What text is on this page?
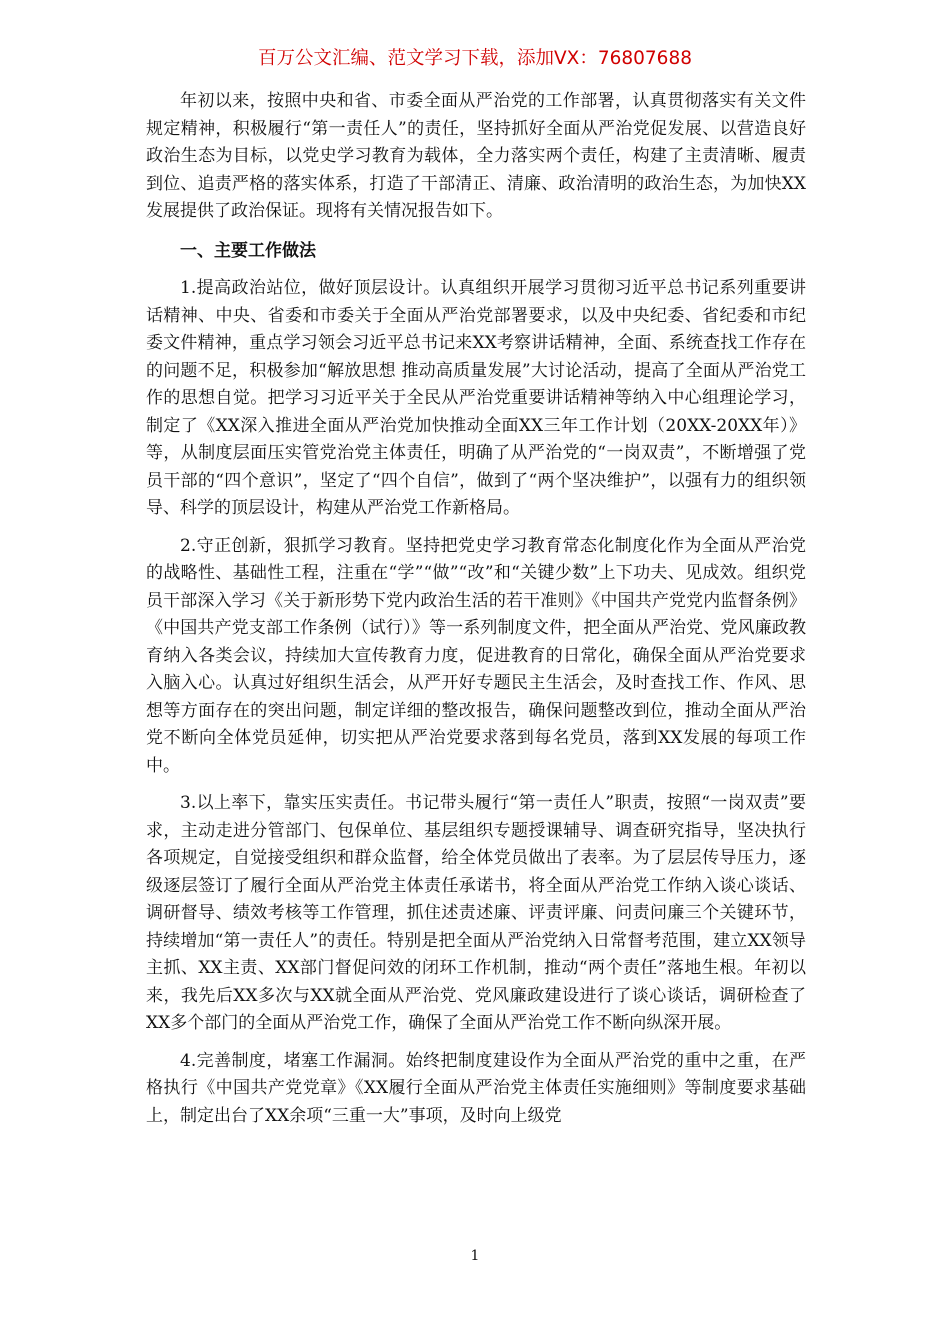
百万公文汇编、范文学习下载，添加VX：76807688

年初以来，按照中央和省、市委全面从严治党的工作部署，认真贯彻落实有关文件规定精神，积极履行“第一责任人”的责任，坚持抓好全面从严治党促发展、以营造良好政治生态为目标，以党史学习教育为载体，全力落实两个责任，构建了主责清晰、履责到位、追责严格的落实体系，打造了干部清正、清廉、政治清明的政治生态，为加快XX发展提供了政治保证。现将有关情况报告如下。

一、主要工作做法

1.提高政治站位，做好顶层设计。认真组织开展学习贯彻习近平总书记系列重要讲话精神、中央、省委和市委关于全面从严治党部署要求，以及中央纪委、省纪委和市纪委文件精神，重点学习领会习近平总书记来XX考察讲话精神，全面、系统查找工作存在的问题不足，积极参加“解放思想 推动高质量发展”大讨论活动，提高了全面从严治党工作的思想自觉。把学习习近平关于全民从严治党重要讲话精神等纳入中心组理论学习，制定了《XX深入推进全面从严治党加快推动全面XX三年工作计划（20XX-20XX年）》等，从制度层面压实管党治党主体责任，明确了从严治党的“一岗双责”，不断增强了党员干部的“四个意识”，坚定了“四个自信”，做到了“两个坚决维护”，以强有力的组织领导、科学的顶层设计，构建从严治党工作新格局。

2.守正创新，狠抓学习教育。坚持把党史学习教育常态化制度化作为全面从严治党的战略性、基础性工程，注重在“学”“做”“改”和“关键少数”上下功夫、见成效。组织党员干部深入学习《关于新形势下党内政治生活的若干准则》《中国共产党党内监督条例》《中国共产党支部工作条例（试行）》等一系列制度文件，把全面从严治党、党风廉政教育纳入各类会议，持续加大宣传教育力度，促进教育的日常化，确保全面从严治党要求入脑入心。认真过好组织生活会，从严开好专题民主生活会，及时查找工作、作风、思想等方面存在的突出问题，制定详细的整改报告，确保问题整改到位，推动全面从严治党不断向全体党员延伸，切实把从严治党要求落到每名党员，落到XX发展的每项工作中。

3.以上率下，靠实压实责任。书记带头履行“第一责任人”职责，按照“一岗双责”要求，主动走进分管部门、包保单位、基层组织专题授课辅导、调查研究指导，坚决执行各项规定，自觉接受组织和群众监督，给全体党员做出了表率。为了层层传导压力，逐级逐层签订了履行全面从严治党主体责任承诺书，将全面从严治党工作纳入谈心谈话、调研督导、绩效考核等工作管理，抓住述责述廉、评责评廉、问责问廉三个关键环节，持续增加“第一责任人”的责任。特别是把全面从严治党纳入日常督考范围，建立XX领导主抓、XX主责、XX部门督促问效的闭环工作机制，推动“两个责任”落地生根。年初以来，我先后XX多次与XX就全面从严治党、党风廉政建设进行了谈心谈话，调研检查了XX多个部门的全面从严治党工作，确保了全面从严治党工作不断向纵深开展。

4.完善制度，堵塞工作漏洞。始终把制度建设作为全面从严治党的重中之重，在严格执行《中国共产党党章》《XX履行全面从严治党主体责任实施细则》等制度要求基础上，制定出台了XX余项“三重一大”事项，及时向上级党

1
